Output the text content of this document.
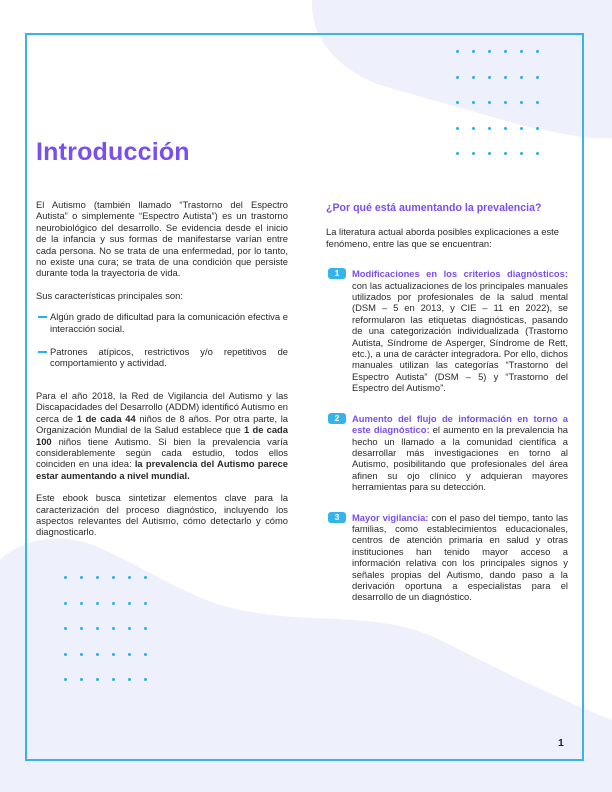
Introducción

El Autismo (también llamado “Trastorno del Espectro Autista” o simplemente “Espectro Autista”) es un trastorno neurobiológico del desarrollo. Se evidencia desde el inicio de la infancia y sus formas de manifestarse varían entre cada persona. No se trata de una enfermedad, por lo tanto, no existe una cura; se trata de una condición que persiste durante toda la trayectoria de vida.

Sus características principales son:

Algún grado de dificultad para la comunicación efectiva e interacción social.

Patrones atípicos, restrictivos y/o repetitivos de comportamiento y actividad.

Para el año 2018, la Red de Vigilancia del Autismo y las Discapacidades del Desarrollo (ADDM) identificó Autismo en cerca de 1 de cada 44 niños de 8 años. Por otra parte, la Organización Mundial de la Salud establece que 1 de cada 100 niños tiene Autismo. Si bien la prevalencia varía considerablemente según cada estudio, todos ellos coinciden en una idea: la prevalencia del Autismo parece estar aumentando a nivel mundial.

Este ebook busca sintetizar elementos clave para la caracterización del proceso diagnóstico, incluyendo los aspectos relevantes del Autismo, cómo detectarlo y cómo diagnosticarlo.

¿Por qué está aumentando la prevalencia?

La literatura actual aborda posibles explicaciones a este fenómeno, entre las que se encuentran:

1	Modificaciones en los criterios diagnósticos: con las actualizaciones de los principales manuales utilizados por profesionales de la salud mental (DSM – 5 en 2013, y CIE – 11 en 2022), se reformularon las etiquetas diagnósticas, pasando de una categorización individualizada (Trastorno Autista, Síndrome de Asperger, Síndrome de Rett, etc.), a una de carácter integradora. Por ello, dichos manuales utilizan las categorías “Trastorno del Espectro Autista” (DSM – 5) y “Trastorno del Espectro del Autismo”.

2	Aumento del flujo de información en torno a este diagnóstico: el aumento en la prevalencia ha hecho un llamado a la comunidad científica a desarrollar más investigaciones en torno al Autismo, posibilitando que profesionales del área afinen su ojo clínico y adquieran mayores herramientas para su detección.

3	Mayor vigilancia: con el paso del tiempo, tanto las familias, como establecimientos educacionales, centros de atención primaria en salud y otras instituciones han tenido mayor acceso a información relativa con los principales signos y señales propias del Autismo, dando paso a la derivación oportuna a especialistas para el desarrollo de un diagnóstico.

1
